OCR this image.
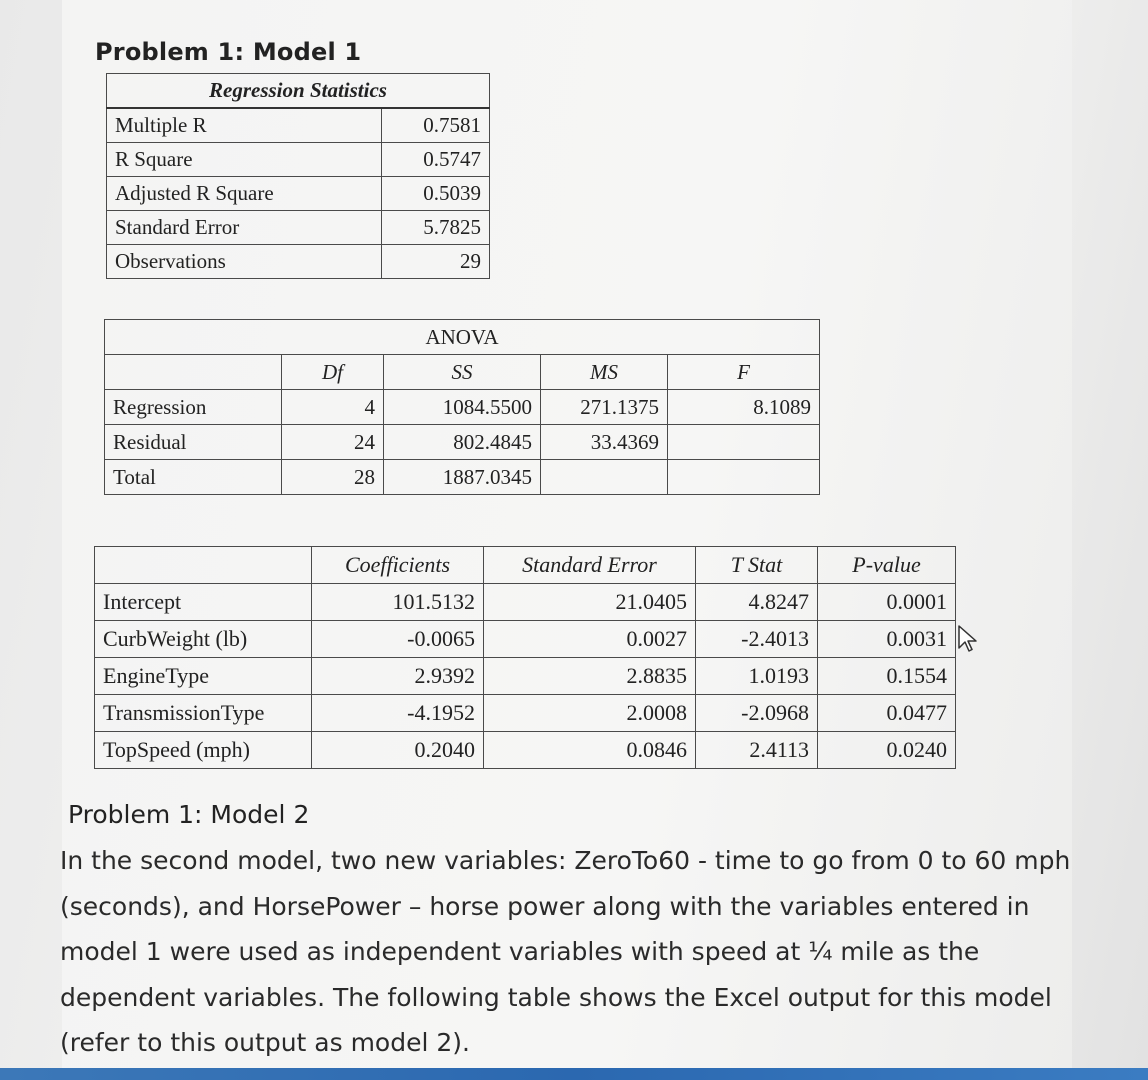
Problem 1: Model 1
Regression Statistics	
Multiple R	0.7581
R Square	0.5747
Adjusted R Square	0.5039
Standard Error	5.7825
Observations	29
ANOVA				
	Df	SS	MS	F
Regression	4	1084.5500	271.1375	8.1089
Residual	24	802.4845	33.4369	
Total	28	1887.0345		
	Coefficients	Standard Error	T Stat	P-value
Intercept	101.5132	21.0405	4.8247	0.0001
CurbWeight (lb)	-0.0065	0.0027	-2.4013	0.0031
EngineType	2.9392	2.8835	1.0193	0.1554
TransmissionType	-4.1952	2.0008	-2.0968	0.0477
TopSpeed (mph)	0.2040	0.0846	2.4113	0.0240
Problem 1: Model 2
In the second model, two new variables: ZeroTo60 - time to go from 0 to 60 mph (seconds), and HorsePower – horse power along with the variables entered in model 1 were used as independent variables with speed at ¼ mile as the dependent variables. The following table shows the Excel output for this model (refer to this output as model 2).
